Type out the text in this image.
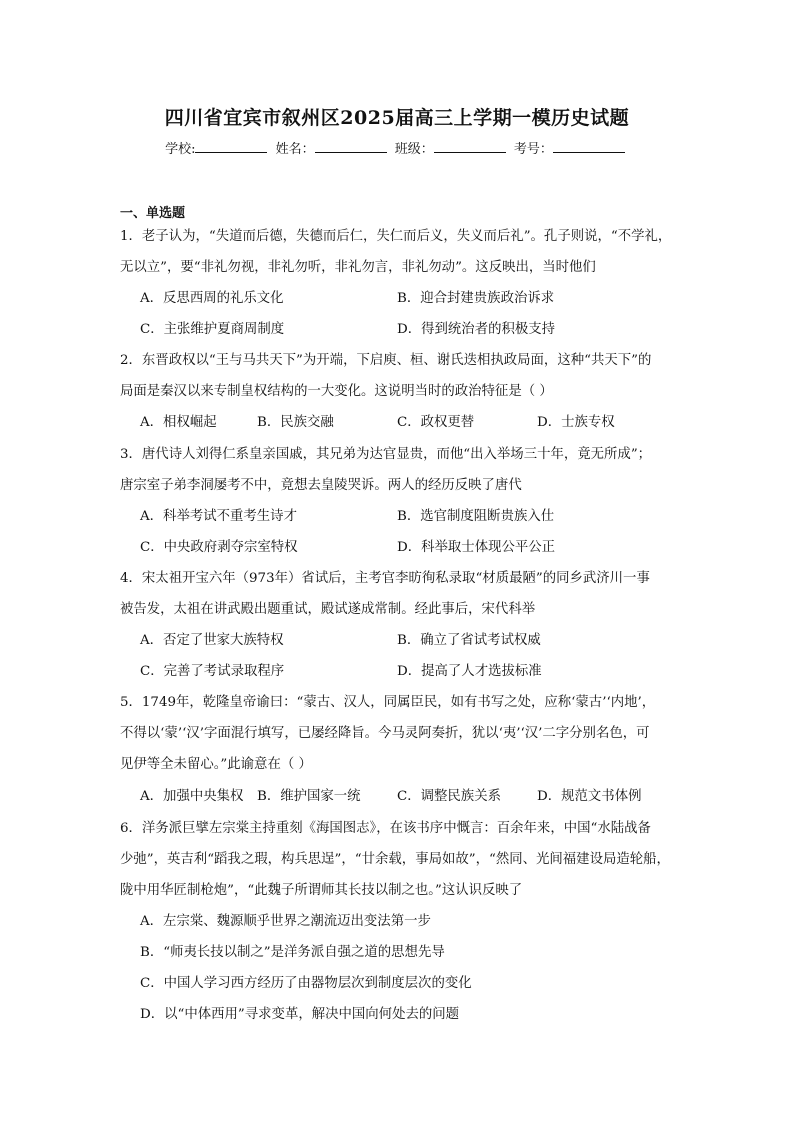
四川省宜宾市叙州区2025届高三上学期一模历史试题
学校:	姓名：	班级：	考号：
一、单选题
1．老子认为，“失道而后德，失德而后仁，失仁而后义，失义而后礼”。孔子则说，“不学礼，
无以立”，要“非礼勿视，非礼勿听，非礼勿言，非礼勿动”。这反映出，当时他们
A．反思西周的礼乐文化	B．迎合封建贵族政治诉求
C．主张维护夏商周制度	D．得到统治者的积极支持
2．东晋政权以“王与马共天下”为开端，下启庾、桓、谢氏迭相执政局面，这种“共天下”的
局面是秦汉以来专制皇权结构的一大变化。这说明当时的政治特征是（ ）
A．相权崛起	B．民族交融	C．政权更替	D．士族专权
3．唐代诗人刘得仁系皇亲国戚，其兄弟为达官显贵，而他“出入举场三十年，竟无所成”；
唐宗室子弟李洞屡考不中，竟想去皇陵哭诉。两人的经历反映了唐代
A．科举考试不重考生诗才	B．选官制度阻断贵族入仕
C．中央政府剥夺宗室特权	D．科举取士体现公平公正
4．宋太祖开宝六年（973年）省试后，主考官李昉徇私录取“材质最陋”的同乡武济川一事
被告发，太祖在讲武殿出题重试，殿试遂成常制。经此事后，宋代科举
A．否定了世家大族特权	B．确立了省试考试权威
C．完善了考试录取程序	D．提高了人才选拔标准
5．1749年，乾隆皇帝谕曰：“蒙古、汉人，同属臣民，如有书写之处，应称‘蒙古’‘内地’，
不得以‘蒙’‘汉’字面混行填写，已屡经降旨。今马灵阿奏折，犹以‘夷’‘汉’二字分别名色，可
见伊等全未留心。”此谕意在（ ）
A．加强中央集权 B．维护国家一统	C．调整民族关系	D．规范文书体例
6．洋务派巨擘左宗棠主持重刻《海国图志》，在该书序中慨言：百余年来，中国“水陆战备
少弛”，英吉利“蹈我之瑕，构兵思逞”，“廿余载，事局如故”，“然同、光间福建设局造轮船，
陇中用华匠制枪炮”，“此魏子所谓师其长技以制之也。”这认识反映了
A．左宗棠、魏源顺乎世界之潮流迈出变法第一步
B．“师夷长技以制之”是洋务派自强之道的思想先导
C．中国人学习西方经历了由器物层次到制度层次的变化
D．以“中体西用”寻求变革，解决中国向何处去的问题
